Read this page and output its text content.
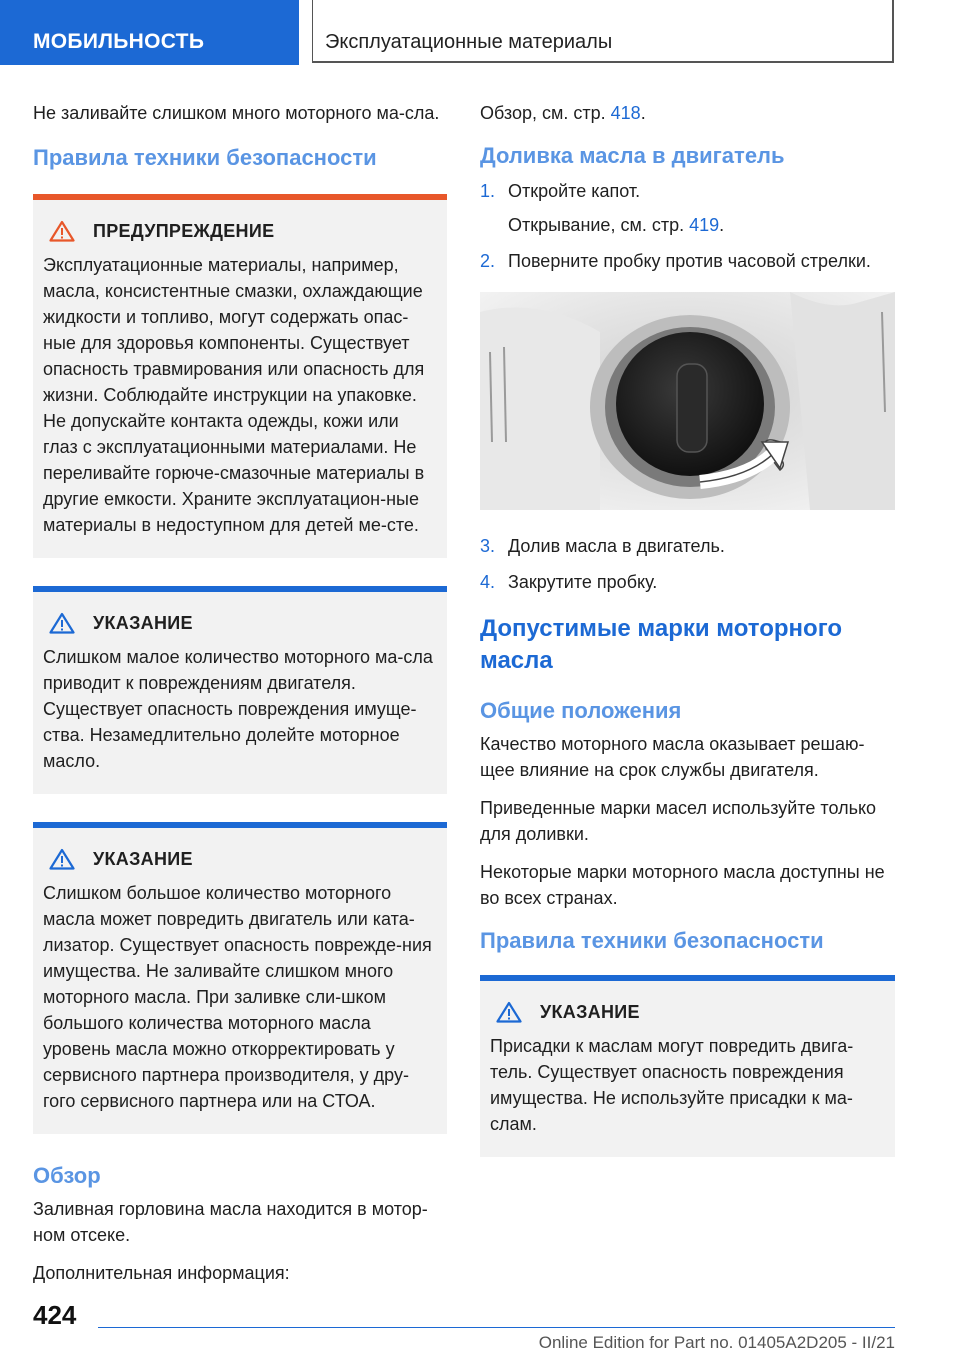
МОБИЛЬНОСТЬ	Эксплуатационные материалы

Не заливайте слишком много моторного ма-сла.

Правила техники безопасности
ПРЕДУПРЕЖДЕНИЕ
Эксплуатационные материалы, например, масла, консистентные смазки, охлаждающие жидкости и топливо, могут содержать опас-ные для здоровья компоненты. Существует опасность травмирования или опасность для жизни. Соблюдайте инструкции на упаковке. Не допускайте контакта одежды, кожи или глаз с эксплуатационными материалами. Не переливайте горюче-смазочные материалы в другие емкости. Храните эксплуатацион-ные материалы в недоступном для детей ме-сте.
УКАЗАНИЕ
Слишком малое количество моторного ма-сла приводит к повреждениям двигателя. Существует опасность повреждения имуще-ства. Незамедлительно долейте моторное масло.
УКАЗАНИЕ
Слишком большое количество моторного масла может повредить двигатель или ката-лизатор. Существует опасность поврежде-ния имущества. Не заливайте слишком много моторного масла. При заливке сли-шком большого количества моторного масла уровень масла можно откорректировать у сервисного партнера производителя, у дру-гого сервисного партнера или на СТОА.
Обзор

Заливная горловина масла находится в мотор-ном отсеке.

Дополнительная информация:

Обзор, см. стр. 418.

Доливка масла в двигатель
1. Откройте капот.
Открывание, см. стр. 419.
2. Поверните пробку против часовой стрелки.
3. Долив масла в двигатель.
4. Закрутите пробку.
Допустимые марки моторного масла
Общие положения

Качество моторного масла оказывает решаю-щее влияние на срок службы двигателя.

Приведенные марки масел используйте только для доливки.

Некоторые марки моторного масла доступны не во всех странах.

Правила техники безопасности
УКАЗАНИЕ
Присадки к маслам могут повредить двига-тель. Существует опасность повреждения имущества. Не используйте присадки к ма-слам.
424
Online Edition for Part no. 01405A2D205 - II/21
